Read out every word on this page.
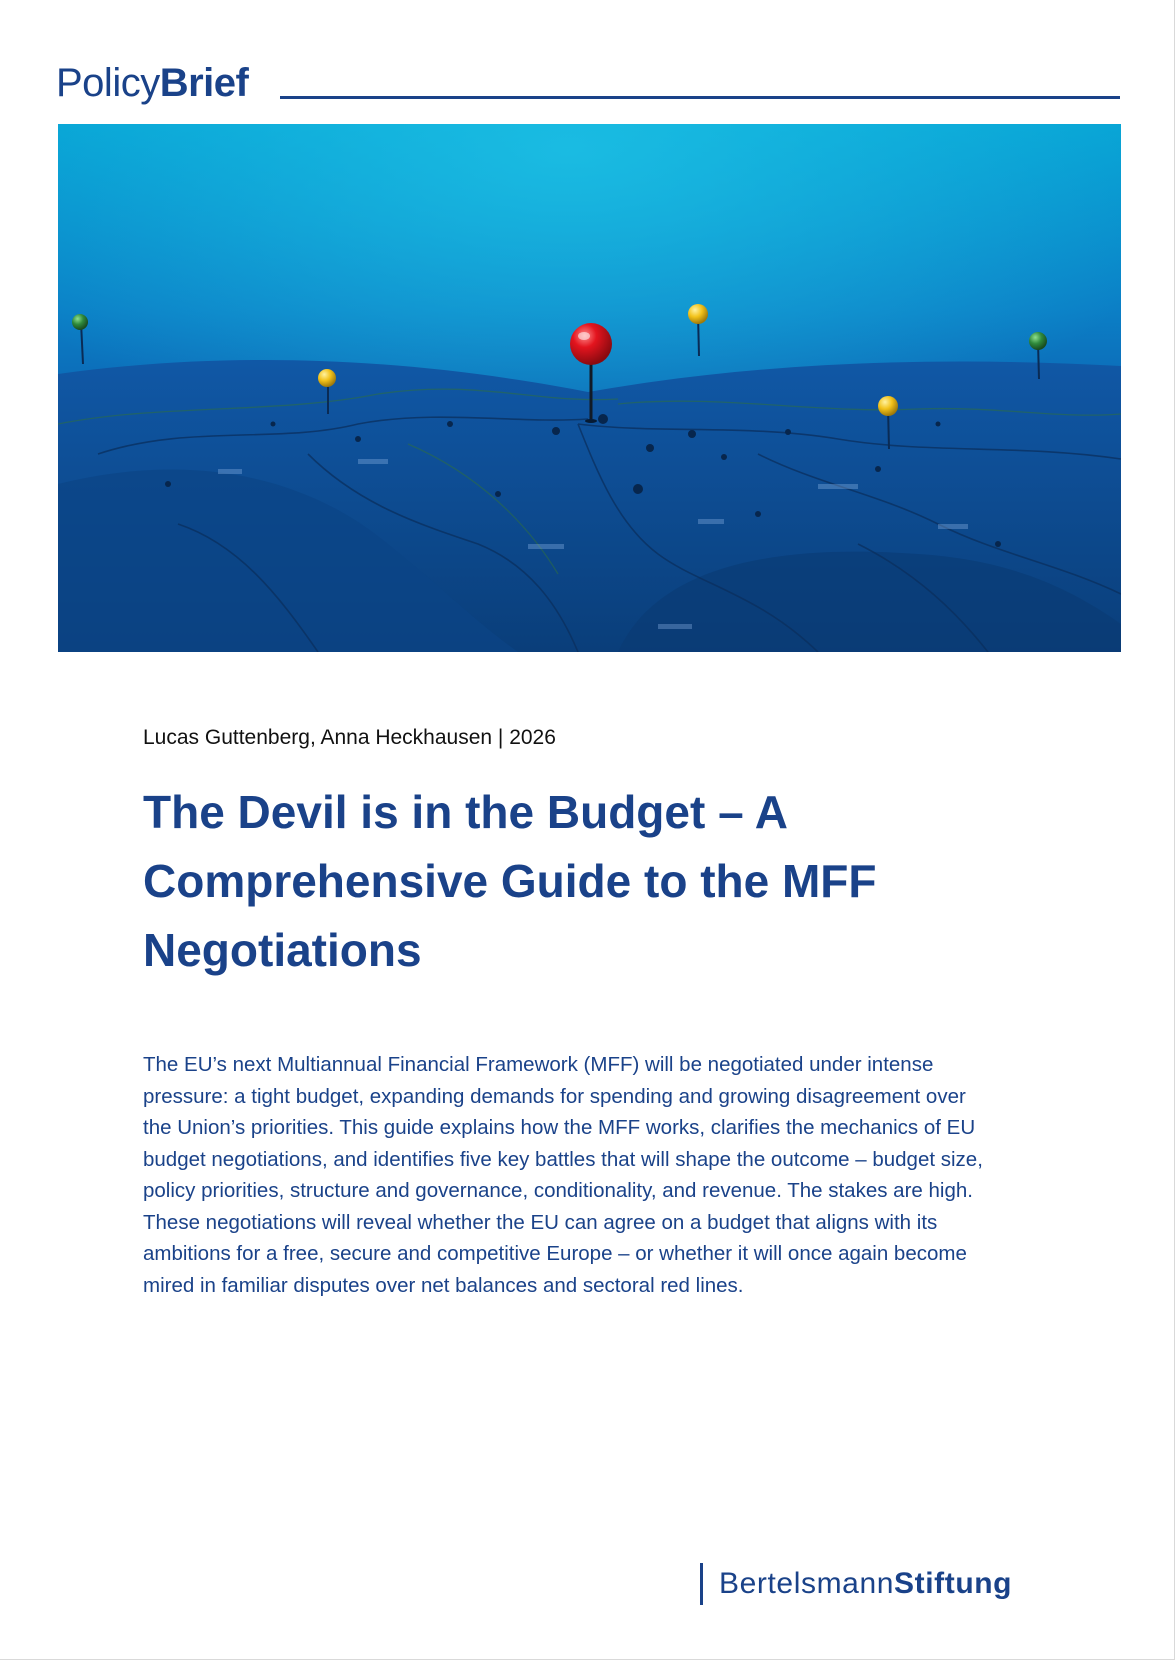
PolicyBrief
Lucas Guttenberg, Anna Heckhausen | 2026
The Devil is in the Budget – A
Comprehensive Guide to the MFF
Negotiations
The EU’s next Multiannual Financial Framework (MFF) will be negotiated under intense
pressure: a tight budget, expanding demands for spending and growing disagreement over
the Union’s priorities. This guide explains how the MFF works, clarifies the mechanics of EU
budget negotiations, and identifies five key battles that will shape the outcome – budget size,
policy priorities, structure and governance, conditionality, and revenue. The stakes are high.
These negotiations will reveal whether the EU can agree on a budget that aligns with its
ambitions for a free, secure and competitive Europe – or whether it will once again become
mired in familiar disputes over net balances and sectoral red lines.
BertelsmannStiftung
